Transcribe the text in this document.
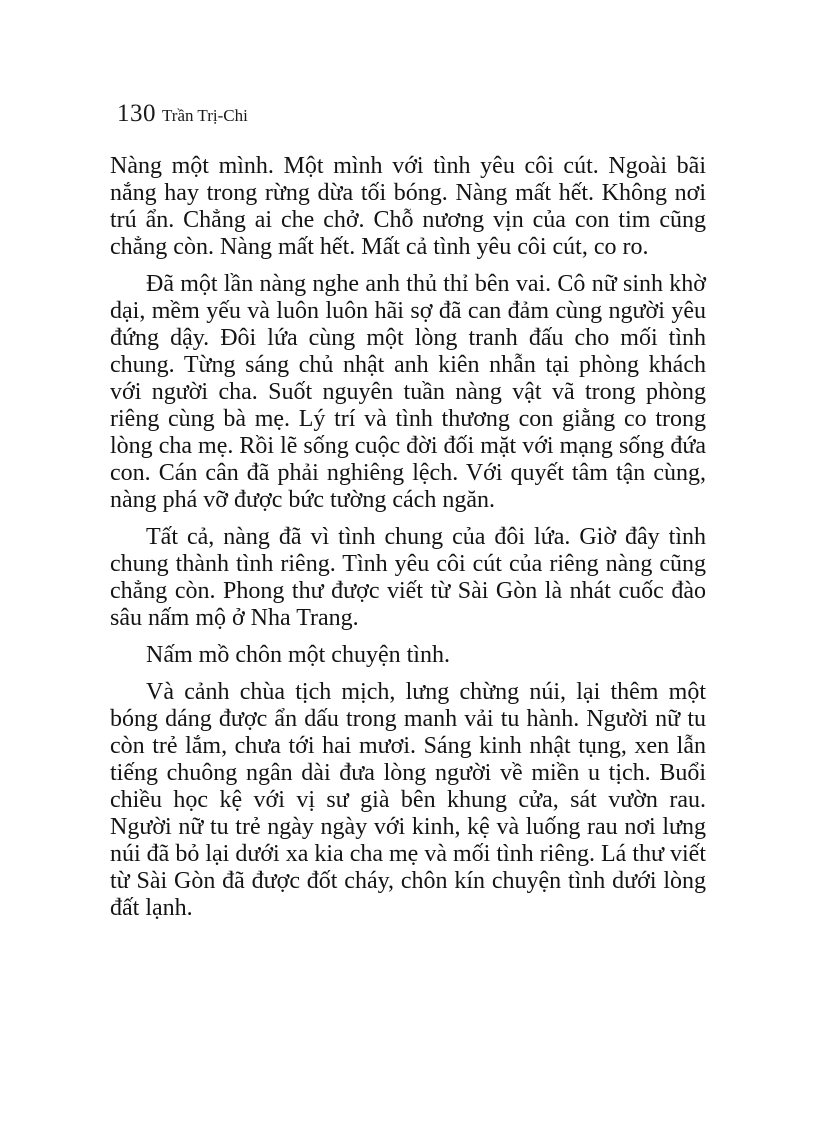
130 Trần Trị-Chi

Nàng một mình. Một mình với tình yêu côi cút. Ngoài bãi nắng hay trong rừng dừa tối bóng. Nàng mất hết. Không nơi trú ẩn. Chẳng ai che chở. Chỗ nương vịn của con tim cũng chẳng còn. Nàng mất hết. Mất cả tình yêu côi cút, co ro.

Đã một lần nàng nghe anh thủ thỉ bên vai. Cô nữ sinh khờ dại, mềm yếu và luôn luôn hãi sợ đã can đảm cùng người yêu đứng dậy. Đôi lứa cùng một lòng tranh đấu cho mối tình chung. Từng sáng chủ nhật anh kiên nhẫn tại phòng khách với người cha. Suốt nguyên tuần nàng vật vã trong phòng riêng cùng bà mẹ. Lý trí và tình thương con giằng co trong lòng cha mẹ. Rồi lẽ sống cuộc đời đối mặt với mạng sống đứa con. Cán cân đã phải nghiêng lệch. Với quyết tâm tận cùng, nàng phá vỡ được bức tường cách ngăn.

Tất cả, nàng đã vì tình chung của đôi lứa. Giờ đây tình chung thành tình riêng. Tình yêu côi cút của riêng nàng cũng chẳng còn. Phong thư được viết từ Sài Gòn là nhát cuốc đào sâu nấm mộ ở Nha Trang.

Nấm mồ chôn một chuyện tình.

Và cảnh chùa tịch mịch, lưng chừng núi, lại thêm một bóng dáng được ẩn dấu trong manh vải tu hành. Người nữ tu còn trẻ lắm, chưa tới hai mươi. Sáng kinh nhật tụng, xen lẫn tiếng chuông ngân dài đưa lòng người về miền u tịch. Buổi chiều học kệ với vị sư già bên khung cửa, sát vườn rau. Người nữ tu trẻ ngày ngày với kinh, kệ và luống rau nơi lưng núi đã bỏ lại dưới xa kia cha mẹ và mối tình riêng. Lá thư viết từ Sài Gòn đã được đốt cháy, chôn kín chuyện tình dưới lòng đất lạnh.
